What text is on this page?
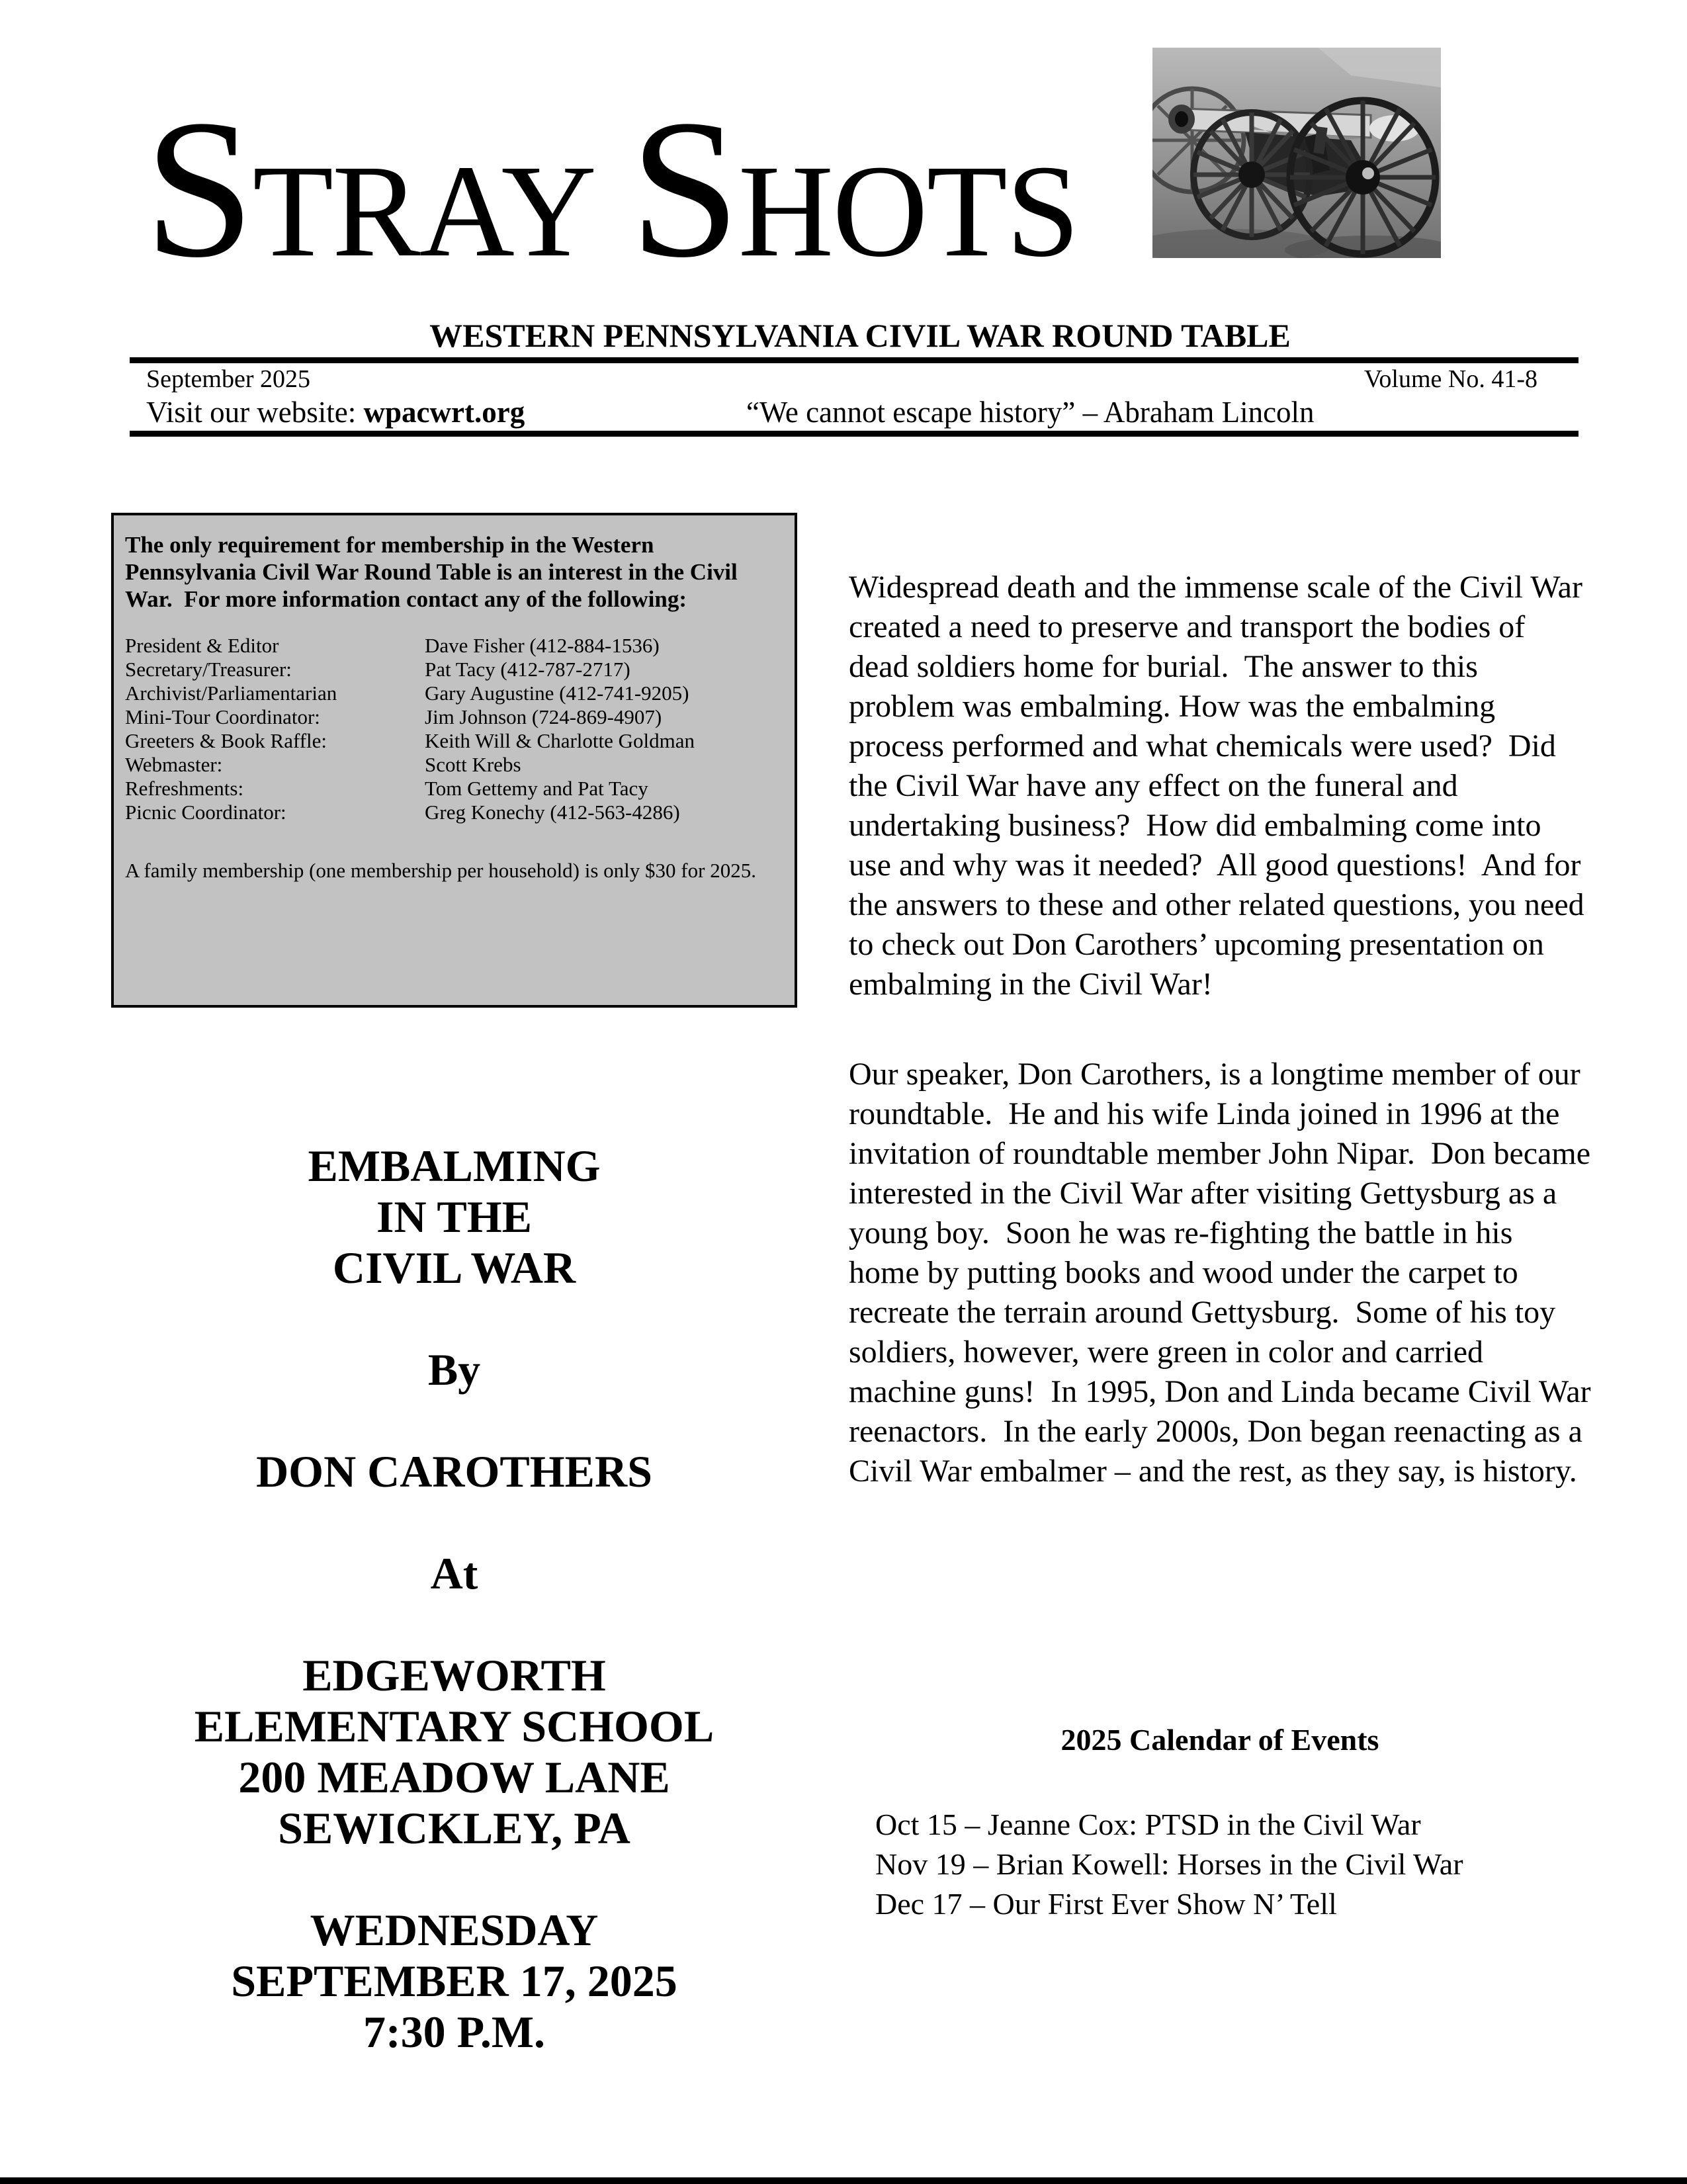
STRAY SHOTS
WESTERN PENNSYLVANIA CIVIL WAR ROUND TABLE
September 2025	Volume No. 41-8
Visit our website: wpacwrt.org	“We cannot escape history” – Abraham Lincoln
The only requirement for membership in the Western Pennsylvania Civil War Round Table is an interest in the Civil War.  For more information contact any of the following:
President & Editor	Dave Fisher (412-884-1536)
Secretary/Treasurer:	Pat Tacy (412-787-2717)
Archivist/Parliamentarian	Gary Augustine (412-741-9205)
Mini-Tour Coordinator:	Jim Johnson (724-869-4907)
Greeters & Book Raffle:	Keith Will & Charlotte Goldman
Webmaster:	Scott Krebs
Refreshments:	Tom Gettemy and Pat Tacy
Picnic Coordinator:	Greg Konechy (412-563-4286)
A family membership (one membership per household) is only $30 for 2025.
EMBALMING
IN THE
CIVIL WAR
By
DON CAROTHERS
At
EDGEWORTH
ELEMENTARY SCHOOL
200 MEADOW LANE
SEWICKLEY, PA
WEDNESDAY
SEPTEMBER 17, 2025
7:30 P.M.
Widespread death and the immense scale of the Civil War created a need to preserve and transport the bodies of dead soldiers home for burial.  The answer to this problem was embalming. How was the embalming process performed and what chemicals were used?  Did the Civil War have any effect on the funeral and undertaking business?  How did embalming come into use and why was it needed?  All good questions!  And for the answers to these and other related questions, you need to check out Don Carothers’ upcoming presentation on embalming in the Civil War!
Our speaker, Don Carothers, is a longtime member of our roundtable.  He and his wife Linda joined in 1996 at the invitation of roundtable member John Nipar.  Don became interested in the Civil War after visiting Gettysburg as a young boy.  Soon he was re-fighting the battle in his home by putting books and wood under the carpet to recreate the terrain around Gettysburg.  Some of his toy soldiers, however, were green in color and carried machine guns!  In 1995, Don and Linda became Civil War reenactors.  In the early 2000s, Don began reenacting as a Civil War embalmer – and the rest, as they say, is history.
2025 Calendar of Events
Oct 15 – Jeanne Cox: PTSD in the Civil War
Nov 19 – Brian Kowell: Horses in the Civil War
Dec 17 – Our First Ever Show N’ Tell
